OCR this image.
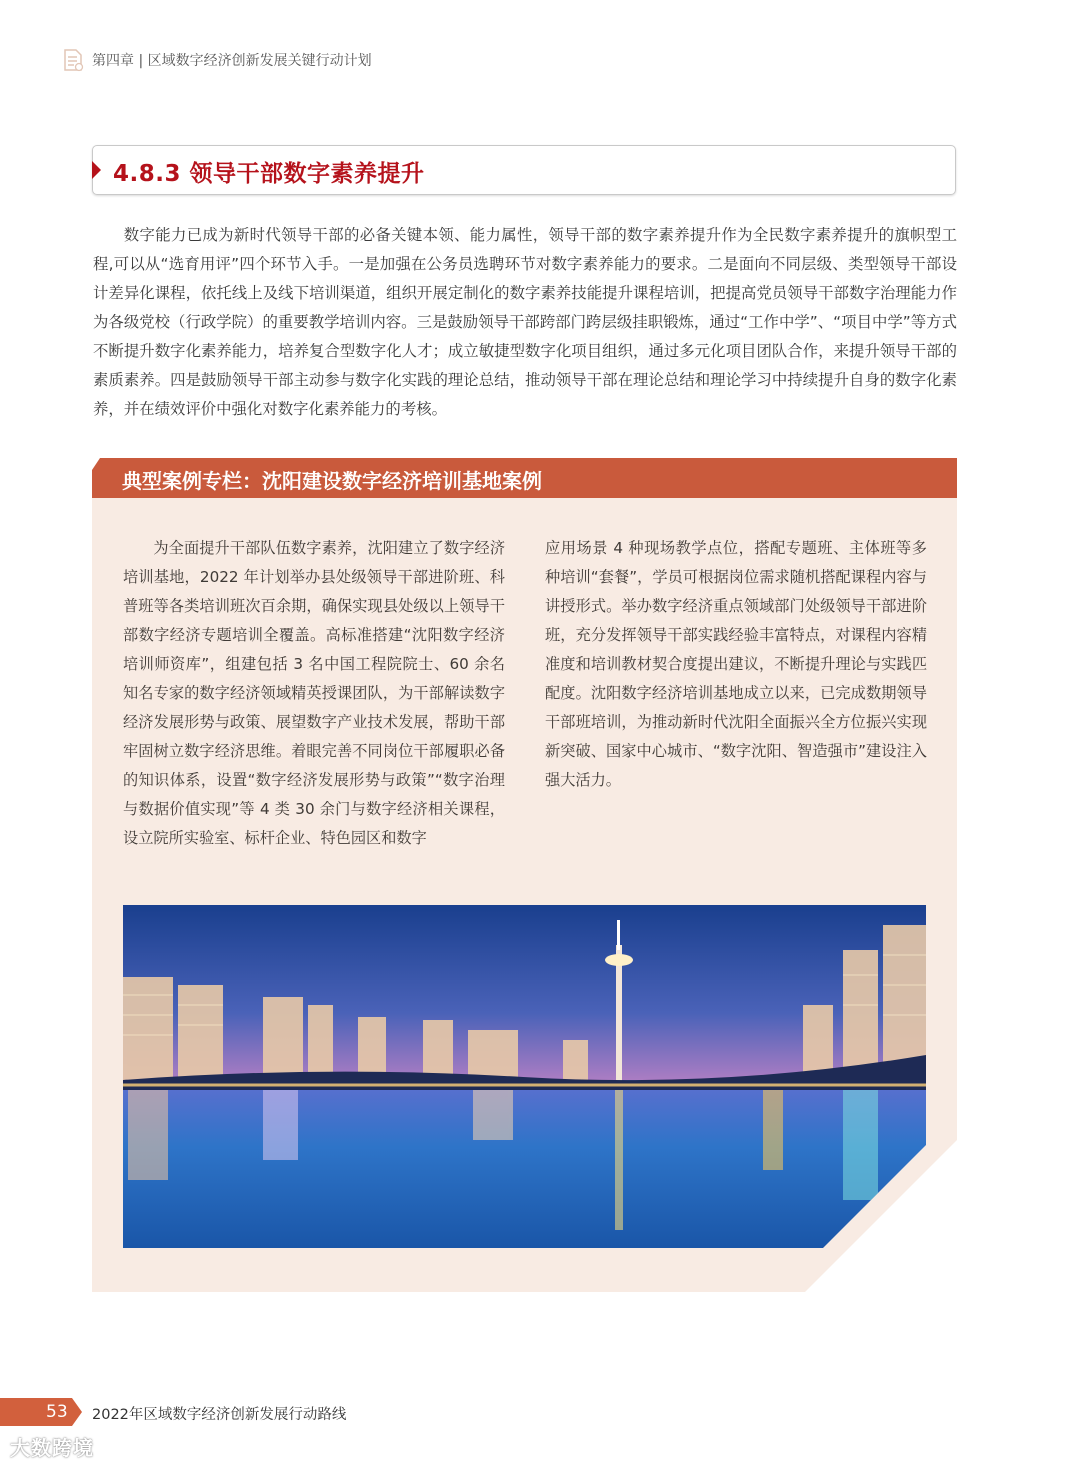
第四章 | 区域数字经济创新发展关键行动计划
4.8.3 领导干部数字素养提升
数字能力已成为新时代领导干部的必备关键本领、能力属性，领导干部的数字素养提升作为全民数字素养提升的旗帜型工程,可以从“选育用评”四个环节入手。一是加强在公务员选聘环节对数字素养能力的要求。二是面向不同层级、类型领导干部设计差异化课程，依托线上及线下培训渠道，组织开展定制化的数字素养技能提升课程培训，把提高党员领导干部数字治理能力作为各级党校（行政学院）的重要教学培训内容。三是鼓励领导干部跨部门跨层级挂职锻炼，通过“工作中学”、“项目中学”等方式不断提升数字化素养能力，培养复合型数字化人才；成立敏捷型数字化项目组织，通过多元化项目团队合作，来提升领导干部的素质素养。四是鼓励领导干部主动参与数字化实践的理论总结，推动领导干部在理论总结和理论学习中持续提升自身的数字化素养，并在绩效评价中强化对数字化素养能力的考核。
典型案例专栏：沈阳建设数字经济培训基地案例
为全面提升干部队伍数字素养，沈阳建立了数字经济培训基地，2022 年计划举办县处级领导干部进阶班、科普班等各类培训班次百余期，确保实现县处级以上领导干部数字经济专题培训全覆盖。高标准搭建“沈阳数字经济培训师资库”，组建包括 3 名中国工程院院士、60 余名知名专家的数字经济领域精英授课团队，为干部解读数字经济发展形势与政策、展望数字产业技术发展，帮助干部牢固树立数字经济思维。着眼完善不同岗位干部履职必备的知识体系，设置“数字经济发展形势与政策”“数字治理与数据价值实现”等 4 类 30 余门与数字经济相关课程，设立院所实验室、标杆企业、特色园区和数字
应用场景 4 种现场教学点位，搭配专题班、主体班等多种培训“套餐”，学员可根据岗位需求随机搭配课程内容与讲授形式。举办数字经济重点领域部门处级领导干部进阶班，充分发挥领导干部实践经验丰富特点，对课程内容精准度和培训教材契合度提出建议，不断提升理论与实践匹配度。沈阳数字经济培训基地成立以来，已完成数期领导干部班培训，为推动新时代沈阳全面振兴全方位振兴实现新突破、国家中心城市、“数字沈阳、智造强市”建设注入强大活力。
53 2022年区域数字经济创新发展行动路线
大数跨境
